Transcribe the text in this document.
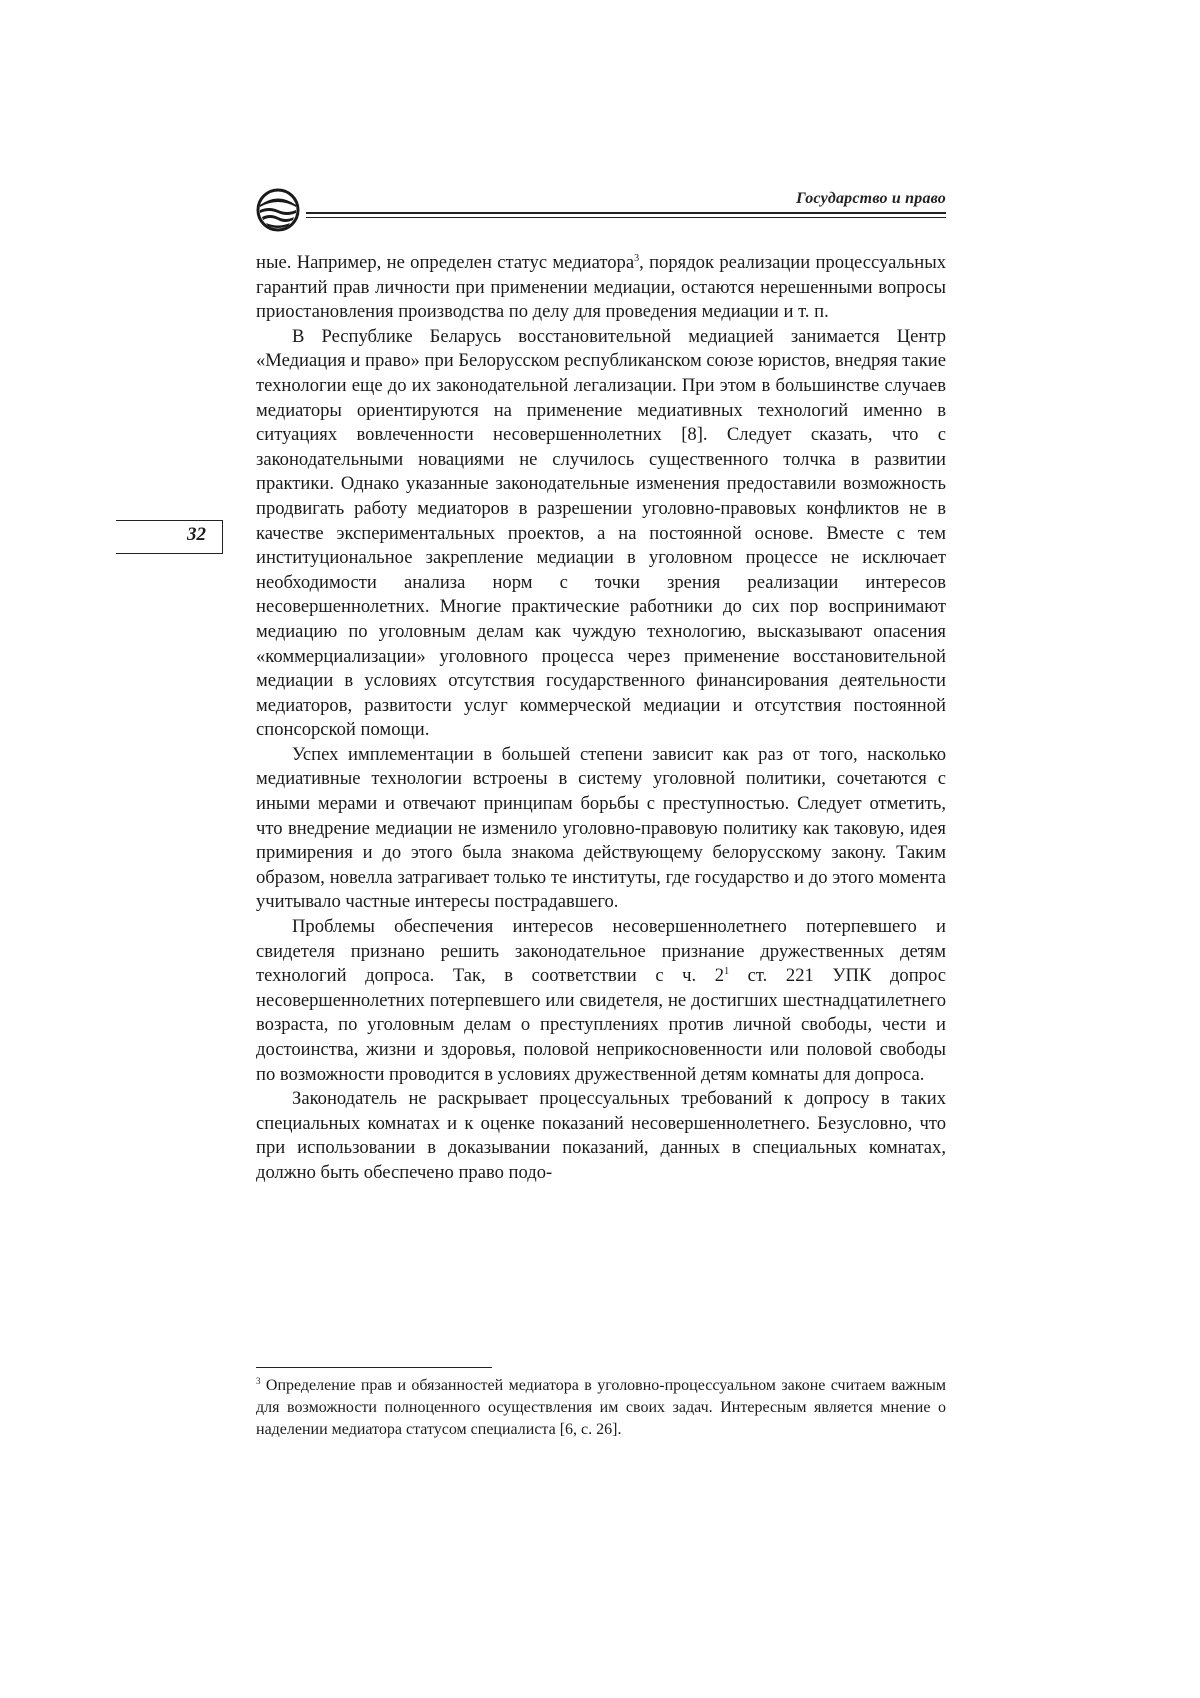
Государство и право
32

ные. Например, не определен статус медиатора$^3$, порядок реализации процессуальных гарантий прав личности при применении медиации, остаются нерешенными вопросы приостановления производства по делу для проведения медиации и т. п.

В Республике Беларусь восстановительной медиацией занимается Центр «Медиация и право» при Белорусском республиканском союзе юристов, внедряя такие технологии еще до их законодательной легализации. При этом в большинстве случаев медиаторы ориентируются на применение медиативных технологий именно в ситуациях вовлеченности несовершеннолетних [8]. Следует сказать, что с законодательными новациями не случилось существенного толчка в развитии практики. Однако указанные законодательные изменения предоставили возможность продвигать работу медиаторов в разрешении уголовно-правовых конфликтов не в качестве экспериментальных проектов, а на постоянной основе. Вместе с тем институциональное закрепление медиации в уголовном процессе не исключает необходимости анализа норм с точки зрения реализации интересов несовершеннолетних. Многие практические работники до сих пор воспринимают медиацию по уголовным делам как чуждую технологию, высказывают опасения «коммерциализации» уголовного процесса через применение восстановительной медиации в условиях отсутствия государственного финансирования деятельности медиаторов, развитости услуг коммерческой медиации и отсутствия постоянной спонсорской помощи.

Успех имплементации в большей степени зависит как раз от того, насколько медиативные технологии встроены в систему уголовной политики, сочетаются с иными мерами и отвечают принципам борьбы с преступностью. Следует отметить, что внедрение медиации не изменило уголовно-правовую политику как таковую, идея примирения и до этого была знакома действующему белорусскому закону. Таким образом, новелла затрагивает только те институты, где государство и до этого момента учитывало частные интересы пострадавшего.

Проблемы обеспечения интересов несовершеннолетнего потерпевшего и свидетеля признано решить законодательное признание дружественных детям технологий допроса. Так, в соответствии с ч. $2^1$ ст. 221 УПК допрос несовершеннолетних потерпевшего или свидетеля, не достигших шестнадцатилетнего возраста, по уголовным делам о преступлениях против личной свободы, чести и достоинства, жизни и здоровья, половой неприкосновенности или половой свободы по возможности проводится в условиях дружественной детям комнаты для допроса.

Законодатель не раскрывает процессуальных требований к допросу в таких специальных комнатах и к оценке показаний несовершеннолетнего. Безусловно, что при использовании в доказывании показаний, данных в специальных комнатах, должно быть обеспечено право подо-

$^3$ Определение прав и обязанностей медиатора в уголовно-процессуальном законе считаем важным для возможности полноценного осуществления им своих задач. Интересным является мнение о наделении медиатора статусом специалиста [6, с. 26].
